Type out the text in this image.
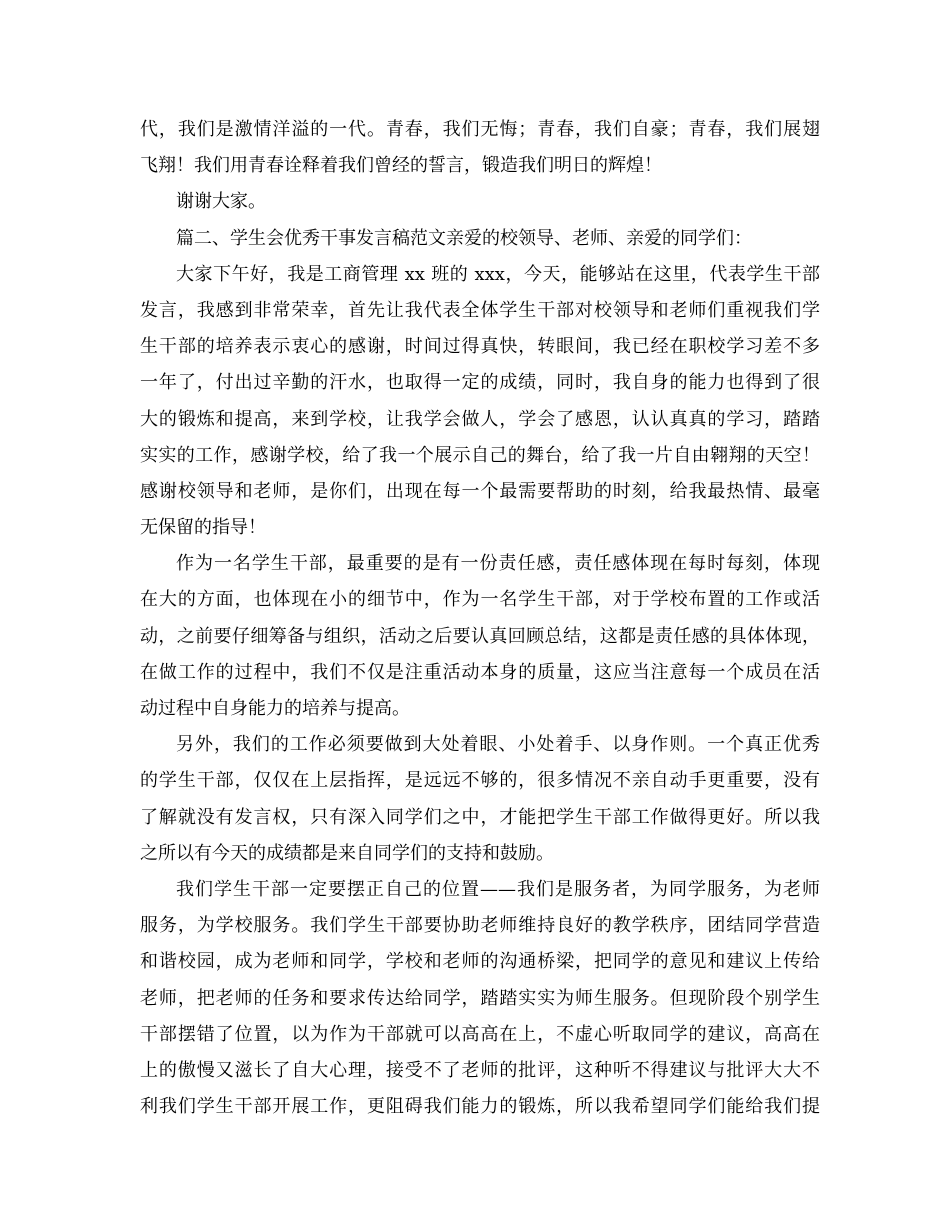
代，我们是激情洋溢的一代。青春，我们无悔；青春，我们自豪；青春，我们展翅
飞翔！我们用青春诠释着我们曾经的誓言，锻造我们明日的辉煌！
谢谢大家。
篇二、学生会优秀干事发言稿范文亲爱的校领导、老师、亲爱的同学们：
大家下午好，我是工商管理 xx 班的 xxx，今天，能够站在这里，代表学生干部
发言，我感到非常荣幸，首先让我代表全体学生干部对校领导和老师们重视我们学
生干部的培养表示衷心的感谢，时间过得真快，转眼间，我已经在职校学习差不多
一年了，付出过辛勤的汗水，也取得一定的成绩，同时，我自身的能力也得到了很
大的锻炼和提高，来到学校，让我学会做人，学会了感恩，认认真真的学习，踏踏
实实的工作，感谢学校，给了我一个展示自己的舞台，给了我一片自由翱翔的天空！
感谢校领导和老师，是你们，出现在每一个最需要帮助的时刻，给我最热情、最毫
无保留的指导！
作为一名学生干部，最重要的是有一份责任感，责任感体现在每时每刻，体现
在大的方面，也体现在小的细节中，作为一名学生干部，对于学校布置的工作或活
动，之前要仔细筹备与组织，活动之后要认真回顾总结，这都是责任感的具体体现，
在做工作的过程中，我们不仅是注重活动本身的质量，这应当注意每一个成员在活
动过程中自身能力的培养与提高。
另外，我们的工作必须要做到大处着眼、小处着手、以身作则。一个真正优秀
的学生干部，仅仅在上层指挥，是远远不够的，很多情况不亲自动手更重要，没有
了解就没有发言权，只有深入同学们之中，才能把学生干部工作做得更好。所以我
之所以有今天的成绩都是来自同学们的支持和鼓励。
我们学生干部一定要摆正自己的位置——我们是服务者，为同学服务，为老师
服务，为学校服务。我们学生干部要协助老师维持良好的教学秩序，团结同学营造
和谐校园，成为老师和同学，学校和老师的沟通桥梁，把同学的意见和建议上传给
老师，把老师的任务和要求传达给同学，踏踏实实为师生服务。但现阶段个别学生
干部摆错了位置，以为作为干部就可以高高在上，不虚心听取同学的建议，高高在
上的傲慢又滋长了自大心理，接受不了老师的批评，这种听不得建议与批评大大不
利我们学生干部开展工作，更阻碍我们能力的锻炼，所以我希望同学们能给我们提
